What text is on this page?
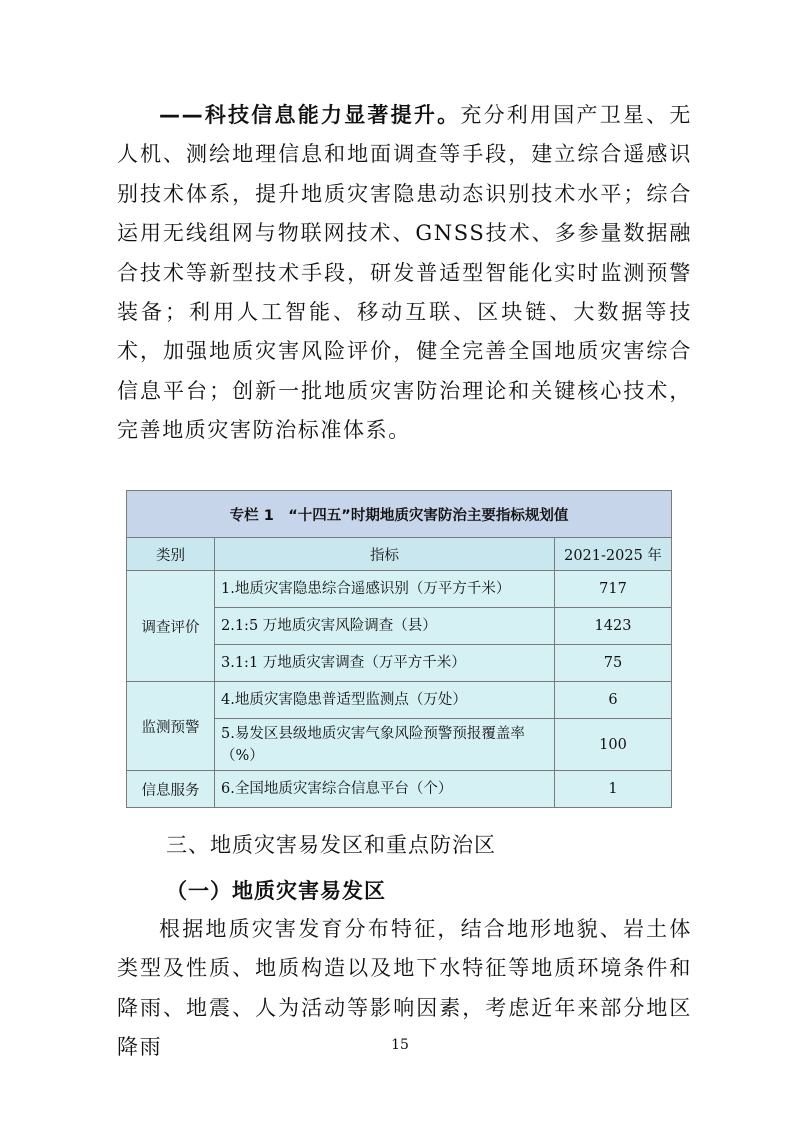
——科技信息能力显著提升。充分利用国产卫星、无人机、测绘地理信息和地面调查等手段，建立综合遥感识别技术体系，提升地质灾害隐患动态识别技术水平；综合运用无线组网与物联网技术、GNSS技术、多参量数据融合技术等新型技术手段，研发普适型智能化实时监测预警装备；利用人工智能、移动互联、区块链、大数据等技术，加强地质灾害风险评价，健全完善全国地质灾害综合信息平台；创新一批地质灾害防治理论和关键核心技术，完善地质灾害防治标准体系。

专栏 1　“十四五”时期地质灾害防治主要指标规划值		
类别	指标	2021-2025 年
调查评价	1.地质灾害隐患综合遥感识别（万平方千米）	717
	2.1:5 万地质灾害风险调查（县）	1423
	3.1:1 万地质灾害调查（万平方千米）	75
监测预警	4.地质灾害隐患普适型监测点（万处）	6
	5.易发区县级地质灾害气象风险预警预报覆盖率（%）	100
信息服务	6.全国地质灾害综合信息平台（个）	1

三、地质灾害易发区和重点防治区

（一）地质灾害易发区

根据地质灾害发育分布特征，结合地形地貌、岩土体类型及性质、地质构造以及地下水特征等地质环境条件和降雨、地震、人为活动等影响因素，考虑近年来部分地区降雨	15
